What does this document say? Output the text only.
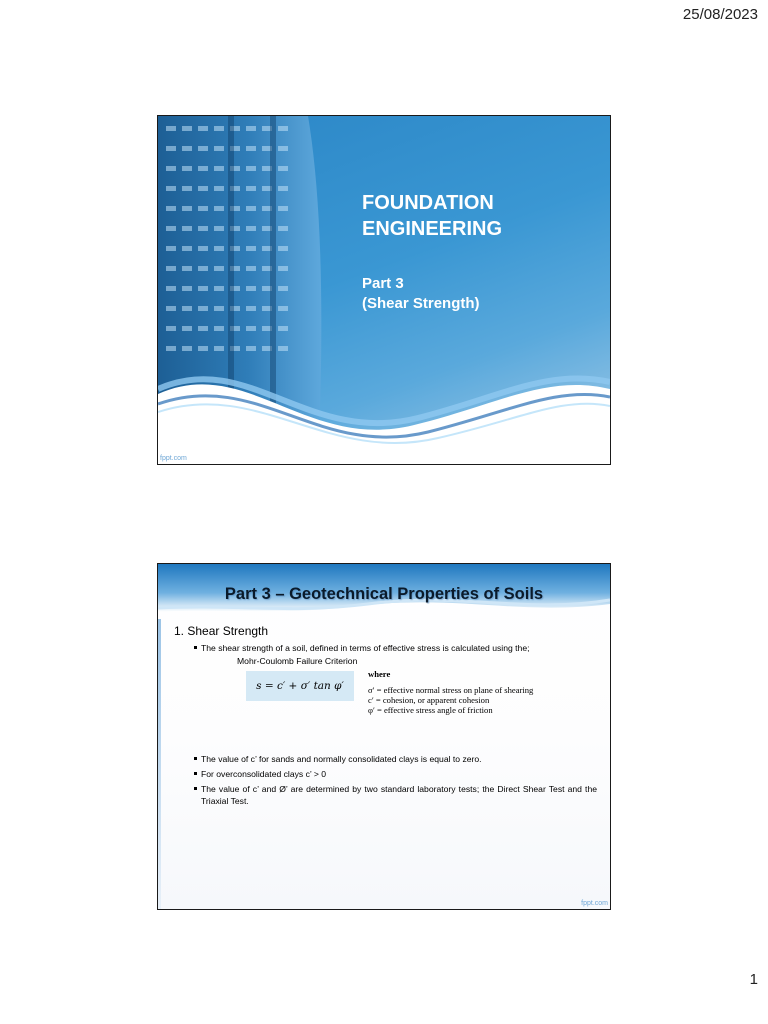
25/08/2023
FOUNDATION
ENGINEERING
Part 3
(Shear Strength)
fppt.com
Part 3 – Geotechnical Properties of Soils
1. Shear Strength
The shear strength of a soil, defined in terms of effective stress is calculated using the;
Mohr-Coulomb Failure Criterion
s = c′ + σ′ tan φ′
where
σ′ = effective normal stress on plane of shearing
c′ = cohesion, or apparent cohesion
φ′ = effective stress angle of friction
The value of c’ for sands and normally consolidated clays is equal to zero.
For overconsolidated clays c’ > 0
The value of c’ and Ø’ are determined by two standard laboratory tests; the Direct Shear Test and the Triaxial Test.
fppt.com
1
